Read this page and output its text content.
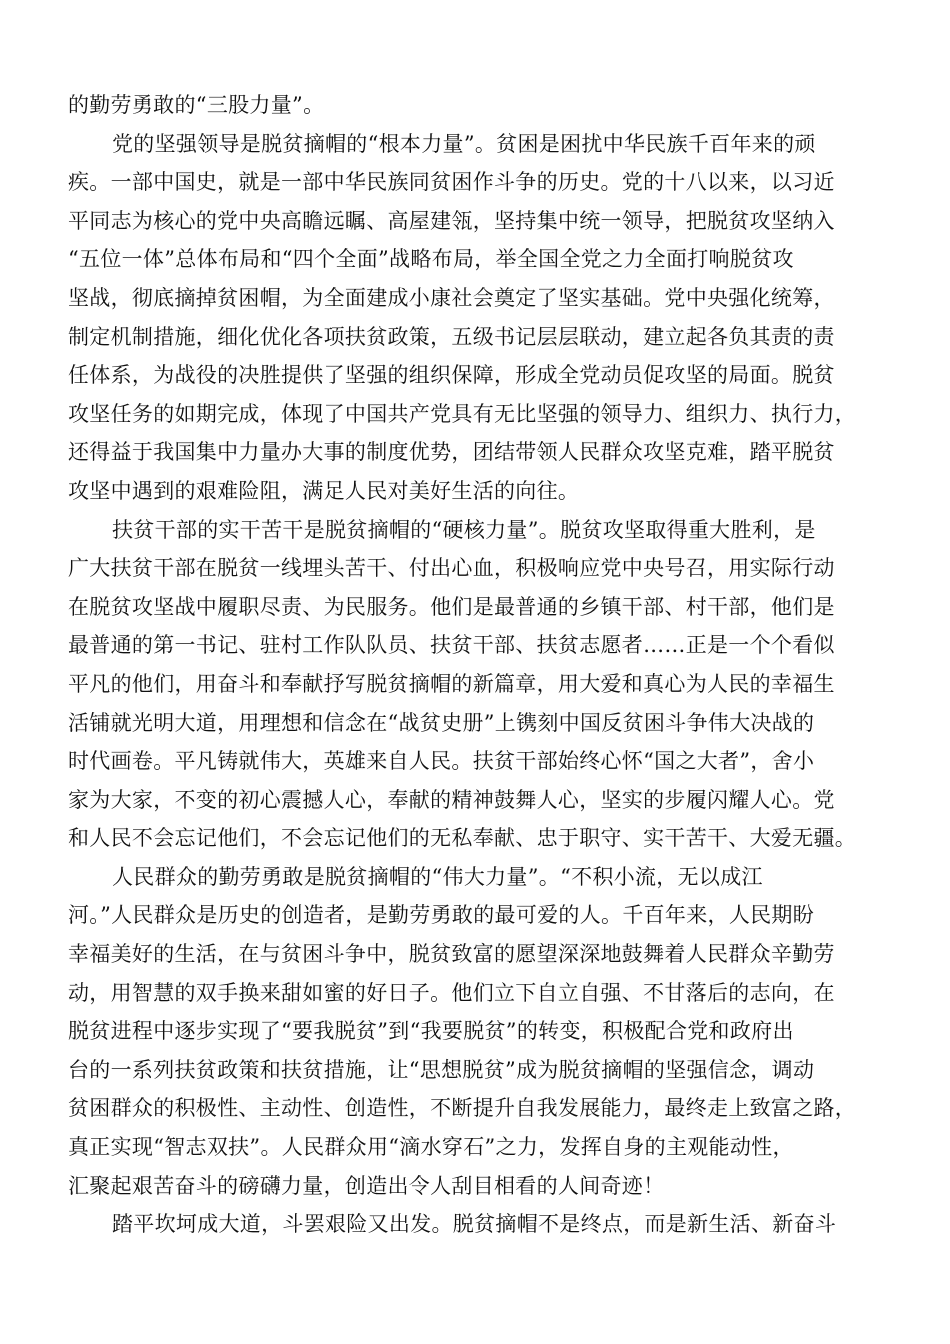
的勤劳勇敢的“三股力量”。
党的坚强领导是脱贫摘帽的“根本力量”。贫困是困扰中华民族千百年来的顽
疾。一部中国史，就是一部中华民族同贫困作斗争的历史。党的十八以来，以习近
平同志为核心的党中央高瞻远瞩、高屋建瓴，坚持集中统一领导，把脱贫攻坚纳入
“五位一体”总体布局和“四个全面”战略布局，举全国全党之力全面打响脱贫攻
坚战，彻底摘掉贫困帽，为全面建成小康社会奠定了坚实基础。党中央强化统筹，
制定机制措施，细化优化各项扶贫政策，五级书记层层联动，建立起各负其责的责
任体系，为战役的决胜提供了坚强的组织保障，形成全党动员促攻坚的局面。脱贫
攻坚任务的如期完成，体现了中国共产党具有无比坚强的领导力、组织力、执行力，
还得益于我国集中力量办大事的制度优势，团结带领人民群众攻坚克难，踏平脱贫
攻坚中遇到的艰难险阻，满足人民对美好生活的向往。
扶贫干部的实干苦干是脱贫摘帽的“硬核力量”。脱贫攻坚取得重大胜利，是
广大扶贫干部在脱贫一线埋头苦干、付出心血，积极响应党中央号召，用实际行动
在脱贫攻坚战中履职尽责、为民服务。他们是最普通的乡镇干部、村干部，他们是
最普通的第一书记、驻村工作队队员、扶贫干部、扶贫志愿者……正是一个个看似
平凡的他们，用奋斗和奉献抒写脱贫摘帽的新篇章，用大爱和真心为人民的幸福生
活铺就光明大道，用理想和信念在“战贫史册”上镌刻中国反贫困斗争伟大决战的
时代画卷。平凡铸就伟大，英雄来自人民。扶贫干部始终心怀“国之大者”，舍小
家为大家，不变的初心震撼人心，奉献的精神鼓舞人心，坚实的步履闪耀人心。党
和人民不会忘记他们，不会忘记他们的无私奉献、忠于职守、实干苦干、大爱无疆。
人民群众的勤劳勇敢是脱贫摘帽的“伟大力量”。“不积小流，无以成江
河。”人民群众是历史的创造者，是勤劳勇敢的最可爱的人。千百年来，人民期盼
幸福美好的生活，在与贫困斗争中，脱贫致富的愿望深深地鼓舞着人民群众辛勤劳
动，用智慧的双手换来甜如蜜的好日子。他们立下自立自强、不甘落后的志向，在
脱贫进程中逐步实现了“要我脱贫”到“我要脱贫”的转变，积极配合党和政府出
台的一系列扶贫政策和扶贫措施，让“思想脱贫”成为脱贫摘帽的坚强信念，调动
贫困群众的积极性、主动性、创造性，不断提升自我发展能力，最终走上致富之路，
真正实现“智志双扶”。人民群众用“滴水穿石”之力，发挥自身的主观能动性，
汇聚起艰苦奋斗的磅礴力量，创造出令人刮目相看的人间奇迹！
踏平坎坷成大道，斗罢艰险又出发。脱贫摘帽不是终点，而是新生活、新奋斗
